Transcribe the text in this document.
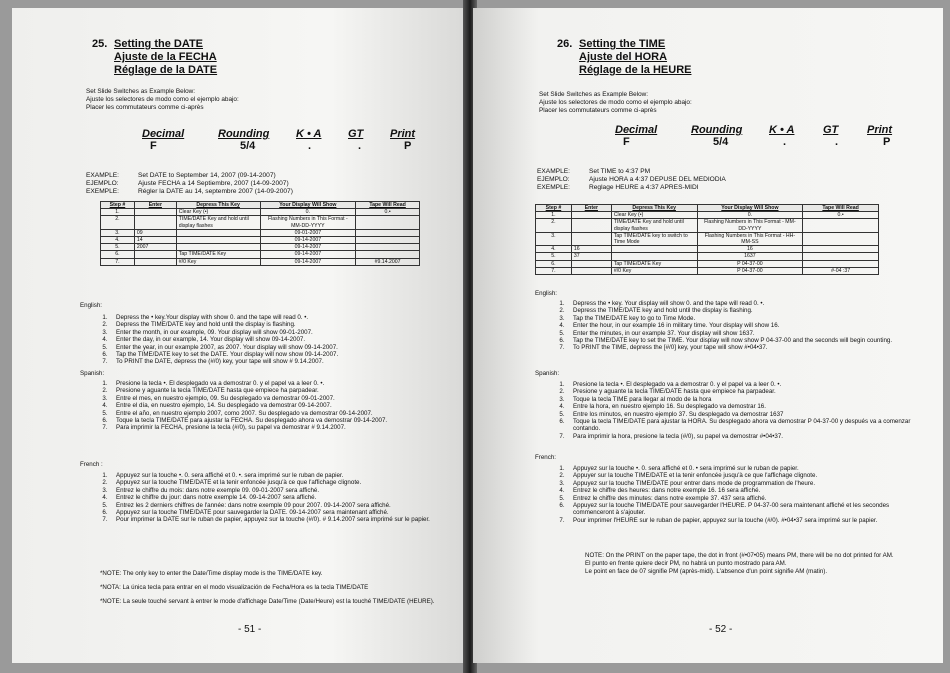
25. Setting the DATE
Ajuste de la FECHA
Réglage de la DATE
Set Slide Switches as Example Below:
Ajuste los selectores de modo como el ejemplo abajo:
Placer les commutateurs comme ci-après
Decimal	Rounding	K • A	GT	Print
F	5/4	.	.	P
EXAMPLE:	Set DATE to September 14, 2007 (09-14-2007)
EJEMPLO:	Ajuste FECHA a 14 Septiembre, 2007 (14-09-2007)
EXEMPLE:	Régler la DATE au 14, septembre 2007 (14-09-2007)
Step #	Enter	Depress This Key	Your Display Will Show	Tape Will Read
1.		Clear Key (•)	0.	0.•
2.		TIME/DATE Key and hold until display flashes	Flashing Numbers in This Format - MM-DD-YYYY	
3.	09		09-01-2007	
4.	14		09-14-2007	
5.	2007		09-14-2007	
6.		Tap TIME/DATE Key	09-14-2007	
7.		#/0 Key	09-14-2007	#9.14.2007
English:
1.	Depress the • key.Your display with show 0. and the tape will read 0. •.
2.	Depress the TIME/DATE key and hold until the display is flashing.
3.	Enter the month, in our example, 09. Your display will show 09-01-2007.
4.	Enter the day, in our example, 14. Your display will show 09-14-2007.
5.	Enter the year, in our example 2007, as 2007. Your display will show 09-14-2007.
6.	Tap the TIME/DATE key to set the DATE. Your display will now show 09-14-2007.
7.	To PRINT the DATE, depress the (#/0) key, your tape will show # 9.14.2007.
Spanish:
1.	Presione la tecla •. El desplegado va a demostrar 0. y el papel va a leer 0. •.
2.	Presione y aguante la tecla TIME/DATE hasta que empiece ha parpadear.
3.	Entre el mes, en nuestro ejemplo, 09. Su desplegado va demostrar 09-01-2007.
4.	Entre el día, en nuestro ejemplo, 14. Su desplegado va demostrar 09-14-2007.
5.	Entre el año, en nuestro ejemplo 2007, como 2007. Su desplegado va demostrar 09-14-2007.
6.	Toque la tecla TIME/DATE para ajustar la FECHA. Su desplegado ahora va demostrar 09-14-2007.
7.	Para imprimir la FECHA, presione la tecla (#/0), su papel va demostrar # 9.14.2007.
French :
1.	Appuyez sur la touche •. 0. sera affiché et 0. •. sera imprimé sur le ruban de papier.
2.	Appuyez sur la touche TIME/DATE et la tenir enfoncée jusqu'à ce que l'affichage clignote.
3.	Entrez le chiffre du mois: dans notre exemple 09. 09-01-2007 sera affiché.
4.	Entrez le chiffre du jour: dans notre exemple 14. 09-14-2007 sera affiché.
5.	Entrez les 2 derniers chiffres de l'année: dans notre exemple 09 pour 2007. 09-14-2007 sera affiché.
6.	Appuyez sur la touche TIME/DATE pour sauvegarder la DATE. 09-14-2007 sera maintenant affiché.
7.	Pour imprimer la DATE sur le ruban de papier, appuyez sur la touche (#/0). # 9.14.2007 sera imprimé sur le papier.
*NOTE: The only key to enter the Date/Time display mode is the TIME/DATE key.
*NOTA: La única tecla para entrar en el modo visualización de Fecha/Hora es la tecla TIME/DATE
*NOTE: La seule touché servant à entrer le mode d'affichage Date/Time (Date/Heure) est la touché TIME/DATE (HEURE).
- 51 -
26. Setting the TIME
Ajuste del HORA
Réglage de la HEURE
Set Slide Switches as Example Below:
Ajuste los selectores de modo como el ejemplo abajo:
Placer les commutateurs comme ci-après
Decimal	Rounding	K • A	GT	Print
F	5/4	.	.	P
EXAMPLE:	Set TIME to 4:37 PM
EJEMPLO:	Ajuste HORA a 4:37 DEPUSE DEL MEDIODIA
EXEMPLE:	Reglage HEURE a 4:37 APRES-MIDI
Step #	Enter	Depress This Key	Your Display Will Show	Tape Will Read
1.		Clear Key (•)	0.	0.•
2.		TIME/DATE Key and hold until display flashes	Flashing Numbers in This Format - MM-DD-YYYY	
3.		Tap TIME/DATE key to switch to Time Mode	Flashing Numbers in This Format - HH-MM-SS	
4.	16		16	
5.	37		1637	
6.		Tap TIME/DATE Key	P 04-37-00	
7.		#/0 Key	P 04-37-00	#-04 :37
English:
1.	Depress the • key. Your display will show 0. and the tape will read 0. •.
2.	Depress the TIME/DATE key and hold until the display is flashing.
3.	Tap the TIME/DATE key to go to Time Mode.
4.	Enter the hour, in our example 16 in military time. Your display will show 16.
5.	Enter the minutes, in our example 37. Your display will show 1637.
6.	Tap the TIME/DATE key to set the TIME. Your display will now show P 04-37-00 and the seconds will begin counting.
7.	To PRINT the TIME, depress the [#/0] key, your tape will show #•04•37.
Spanish:
1.	Presione la tecla •. El desplegado va a demostrar 0. y el papel va a leer 0. •.
2.	Presione y aguante la tecla TIME/DATE hasta que empiece ha parpadear.
3.	Toque la tecla TIME para llegar al modo de la hora
4.	Entre la hora, en nuestro ejemplo 16. Su desplegado va demostrar 16.
5.	Entre los minutos, en nuestro ejemplo 37. Su desplegado va demostrar 1637
6.	Toque la tecla TIME/DATE para ajustar la HORA. Su desplegado ahora va demostrar P 04-37-00 y después va a comenzar contando.
7.	Para imprimir la hora, presione la tecla (#/0), su papel va demostrar #•04•37.
French:
1.	Appuyez sur la touche •. 0. sera affiché et 0. • sera imprimé sur le ruban de papier.
2.	Appuyer sur la touche TIME/DATE et la tenir enfoncée jusqu'à ce que l'affichage clignote.
3.	Appuyez sur la touche TIME/DATE pour entrer dans mode de programmation de l'heure.
4.	Entrez le chiffre des heures: dans notre exemple 16. 16 sera affiché.
5.	Entrez le chiffre des minutes: dans notre exemple 37. 437 sera affiché.
6.	Appuyez sur la touche TIME/DATE pour sauvegarder l'HEURE. P 04-37-00 sera maintenant affiché et les secondes commenceront à s'ajouter.
7.	Pour imprimer l'HEURE sur le ruban de papier, appuyez sur la touche (#/0). #•04•37 sera imprimé sur le papier.
NOTE: On the PRINT on the paper tape, the dot in front (#•07•05) means PM, there will be no dot printed for AM.
El punto en frente quiere decir PM, no habrá un punto mostrado para AM.
Le point en face de 07 signifie PM (après-midi). L'absence d'un point signifie AM (matin).
- 52 -
